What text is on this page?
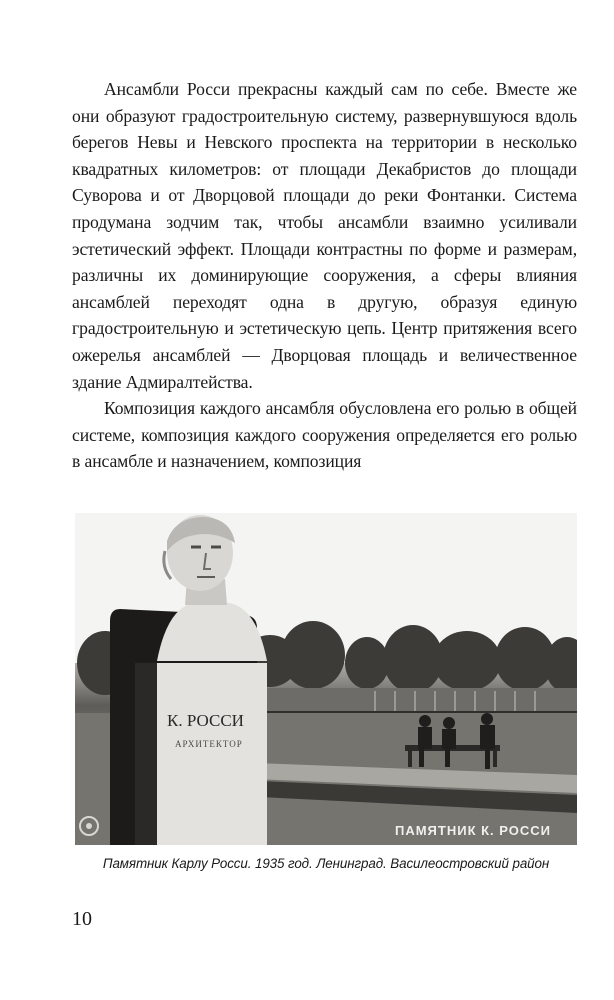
Ансамбли Росси прекрасны каждый сам по себе. Вместе же они образуют градостроительную систему, развернувшуюся вдоль берегов Невы и Невского проспекта на территории в несколько квадратных километров: от площади Декабристов до площади Суворова и от Дворцовой площади до реки Фонтанки. Система продумана зодчим так, чтобы ансамбли взаимно усиливали эстетический эффект. Площади контрастны по форме и размерам, различны их доминирующие сооружения, а сферы влияния ансамблей переходят одна в другую, образуя единую градостроительную и эстетическую цепь. Центр притяжения всего ожерелья ансамблей — Дворцовая площадь и величественное здание Адмиралтейства.

Композиция каждого ансамбля обусловлена его ролью в общей системе, композиция каждого сооружения определяется его ролью в ансамбле и назначением, композиция

К. РОССИ
АРХИТЕКТОР
ПАМЯТНИК К. РОССИ
Памятник Карлу Росси. 1935 год. Ленинград. Василеостровский район
10
